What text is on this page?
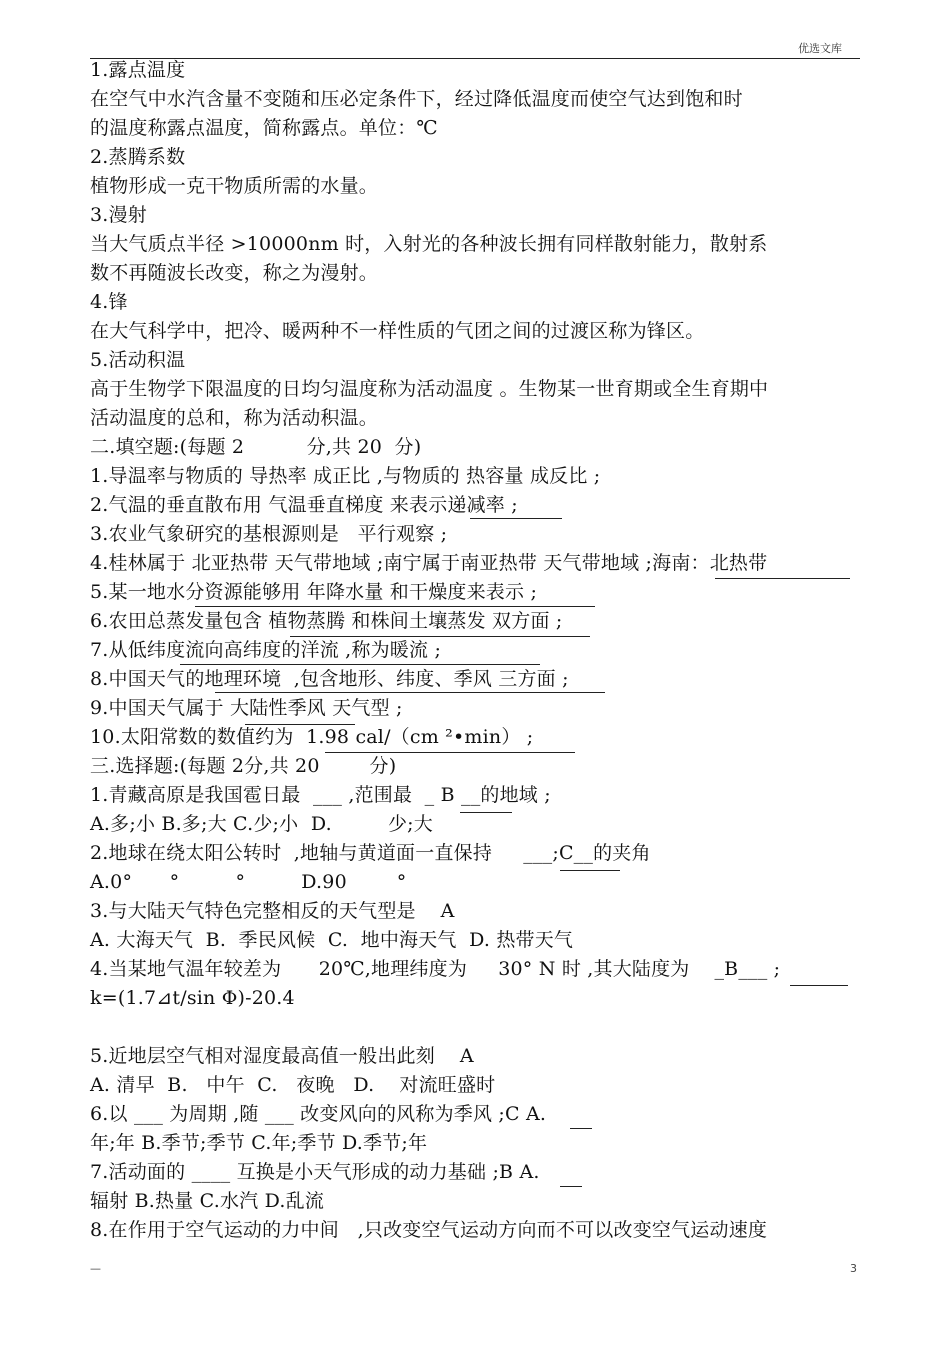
优选文库
1.露点温度
在空气中水汽含量不变随和压必定条件下，经过降低温度而使空气达到饱和时
的温度称露点温度，简称露点。单位：℃
2.蒸腾系数
植物形成一克干物质所需的水量。
3.漫射
当大气质点半径 >10000nm 时，入射光的各种波长拥有同样散射能力，散射系
数不再随波长改变，称之为漫射。
4.锋
在大气科学中，把冷、暖两种不一样性质的气团之间的过渡区称为锋区。
5.活动积温
高于生物学下限温度的日均匀温度称为活动温度 。生物某一世育期或全生育期中
活动温度的总和，称为活动积温。
二.填空题:(每题 2          分,共 20  分)
1.导温率与物质的 导热率 成正比 ,与物质的 热容量 成反比 ;
2.气温的垂直散布用 气温垂直梯度 来表示递减率 ;
3.农业气象研究的基根源则是   平行观察 ;
4.桂林属于 北亚热带 天气带地域 ;南宁属于南亚热带 天气带地域 ;海南：北热带
5.某一地水分资源能够用 年降水量 和干燥度来表示 ;
6.农田总蒸发量包含 植物蒸腾 和株间土壤蒸发 双方面 ;
7.从低纬度流向高纬度的洋流 ,称为暖流 ;
8.中国天气的地理环境  ,包含地形、纬度、季风 三方面 ;
9.中国天气属于 大陆性季风 天气型 ;
10.太阳常数的数值约为  1.98 cal/（cm ²•min） ;
三.选择题:(每题 2分,共 20        分)
1.青藏高原是我国雹日最  ___ ,范围最  _ B __的地域 ;
A.多;小 B.多;大 C.少;小  D.         少;大
2.地球在绕太阳公转时  ,地轴与黄道面一直保持     ___;C__的夹角
A.0°      °         °         D.90        °
3.与大陆天气特色完整相反的天气型是    A
A. 大海天气  B.  季民风候  C.  地中海天气  D. 热带天气
4.当某地气温年较差为      20℃,地理纬度为     30° N 时 ,其大陆度为    _B___ ;
k=(1.7⊿t/sin Φ)-20.4
5.近地层空气相对湿度最高值一般出此刻    A
A. 清早  B.   中午  C.   夜晚   D.    对流旺盛时
6.以 ___ 为周期 ,随 ___ 改变风向的风称为季风 ;C A.
年;年 B.季节;季节 C.年;季节 D.季节;年
7.活动面的 ____ 互换是小天气形成的动力基础 ;B A.
辐射 B.热量 C.水汽 D.乱流
8.在作用于空气运动的力中间   ,只改变空气运动方向而不可以改变空气运动速度
—	3
